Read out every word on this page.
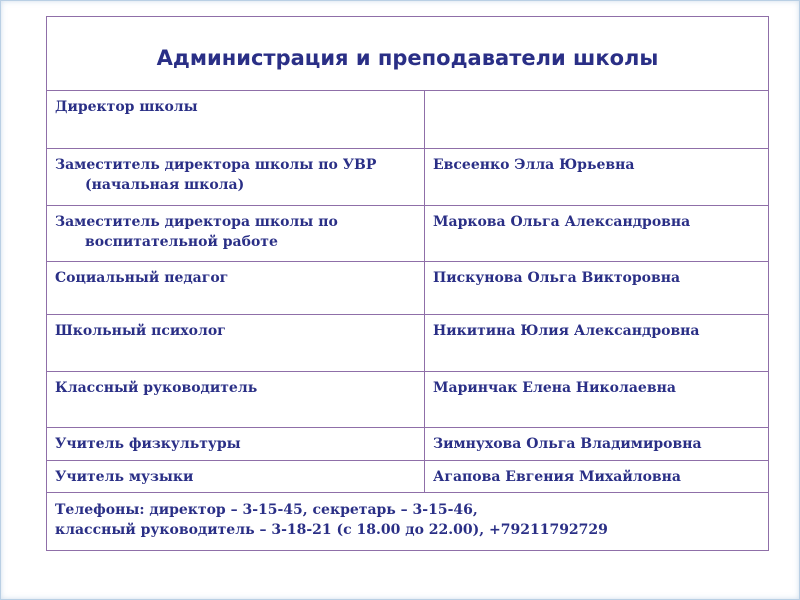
Администрация и преподаватели школы	

Директор школы	

Заместитель директора школы по УВР
(начальная школа)	Евсеенко Элла Юрьевна

Заместитель директора школы по
воспитательной работе	Маркова Ольга Александровна

Социальный педагог	Пискунова Ольга Викторовна

Школьный психолог	Никитина Юлия Александровна

Классный руководитель	Маринчак Елена Николаевна

Учитель физкультуры	Зимнухова Ольга Владимировна

Учитель музыки	Агапова Евгения Михайловна

Телефоны: директор – 3-15-45, секретарь – 3-15-46,
классный руководитель – 3-18-21 (с 18.00 до 22.00), +79211792729	
